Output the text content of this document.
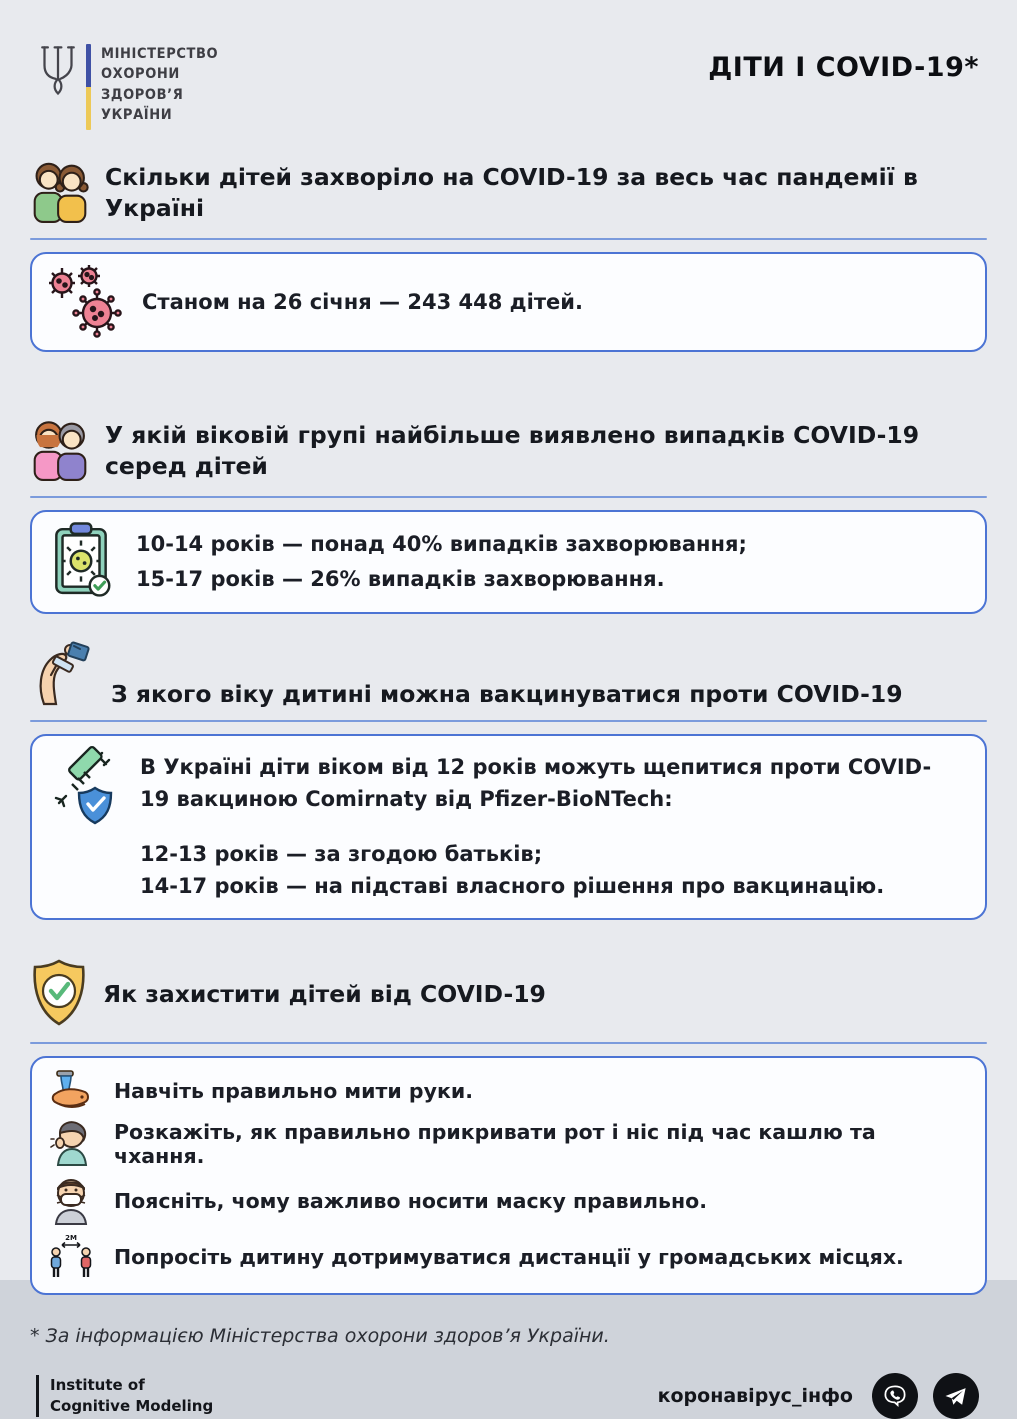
МІНІСТЕРСТВО
ОХОРОНИ
ЗДОРОВ’Я
УКРАЇНИ
ДІТИ І COVID-19*
Скільки дітей захворіло на COVID-19 за весь час пандемії в Україні
Станом на 26 січня — 243 448 дітей.
У якій віковій групі найбільше виявлено випадків COVID-19 серед дітей
10-14 років — понад 40% випадків захворювання;
15-17 років — 26% випадків захворювання.
З якого віку дитині можна вакцинуватися проти COVID-19
В Україні діти віком від 12 років можуть щепитися проти COVID-19 вакциною Comirnaty від Pfizer-BioNTech:
12-13 років — за згодою батьків;
14-17 років — на підставі власного рішення про вакцинацію.
Як захистити дітей від COVID-19
Навчіть правильно мити руки.
Розкажіть, як правильно прикривати рот і ніс під час кашлю та чхання.
Поясніть, чому важливо носити маску правильно.
2M
Попросіть дитину дотримуватися дистанції у громадських місцях.
* За інформацією Міністерства охорони здоров’я України.
Institute of
Cognitive Modeling	коронавірус_інфо
